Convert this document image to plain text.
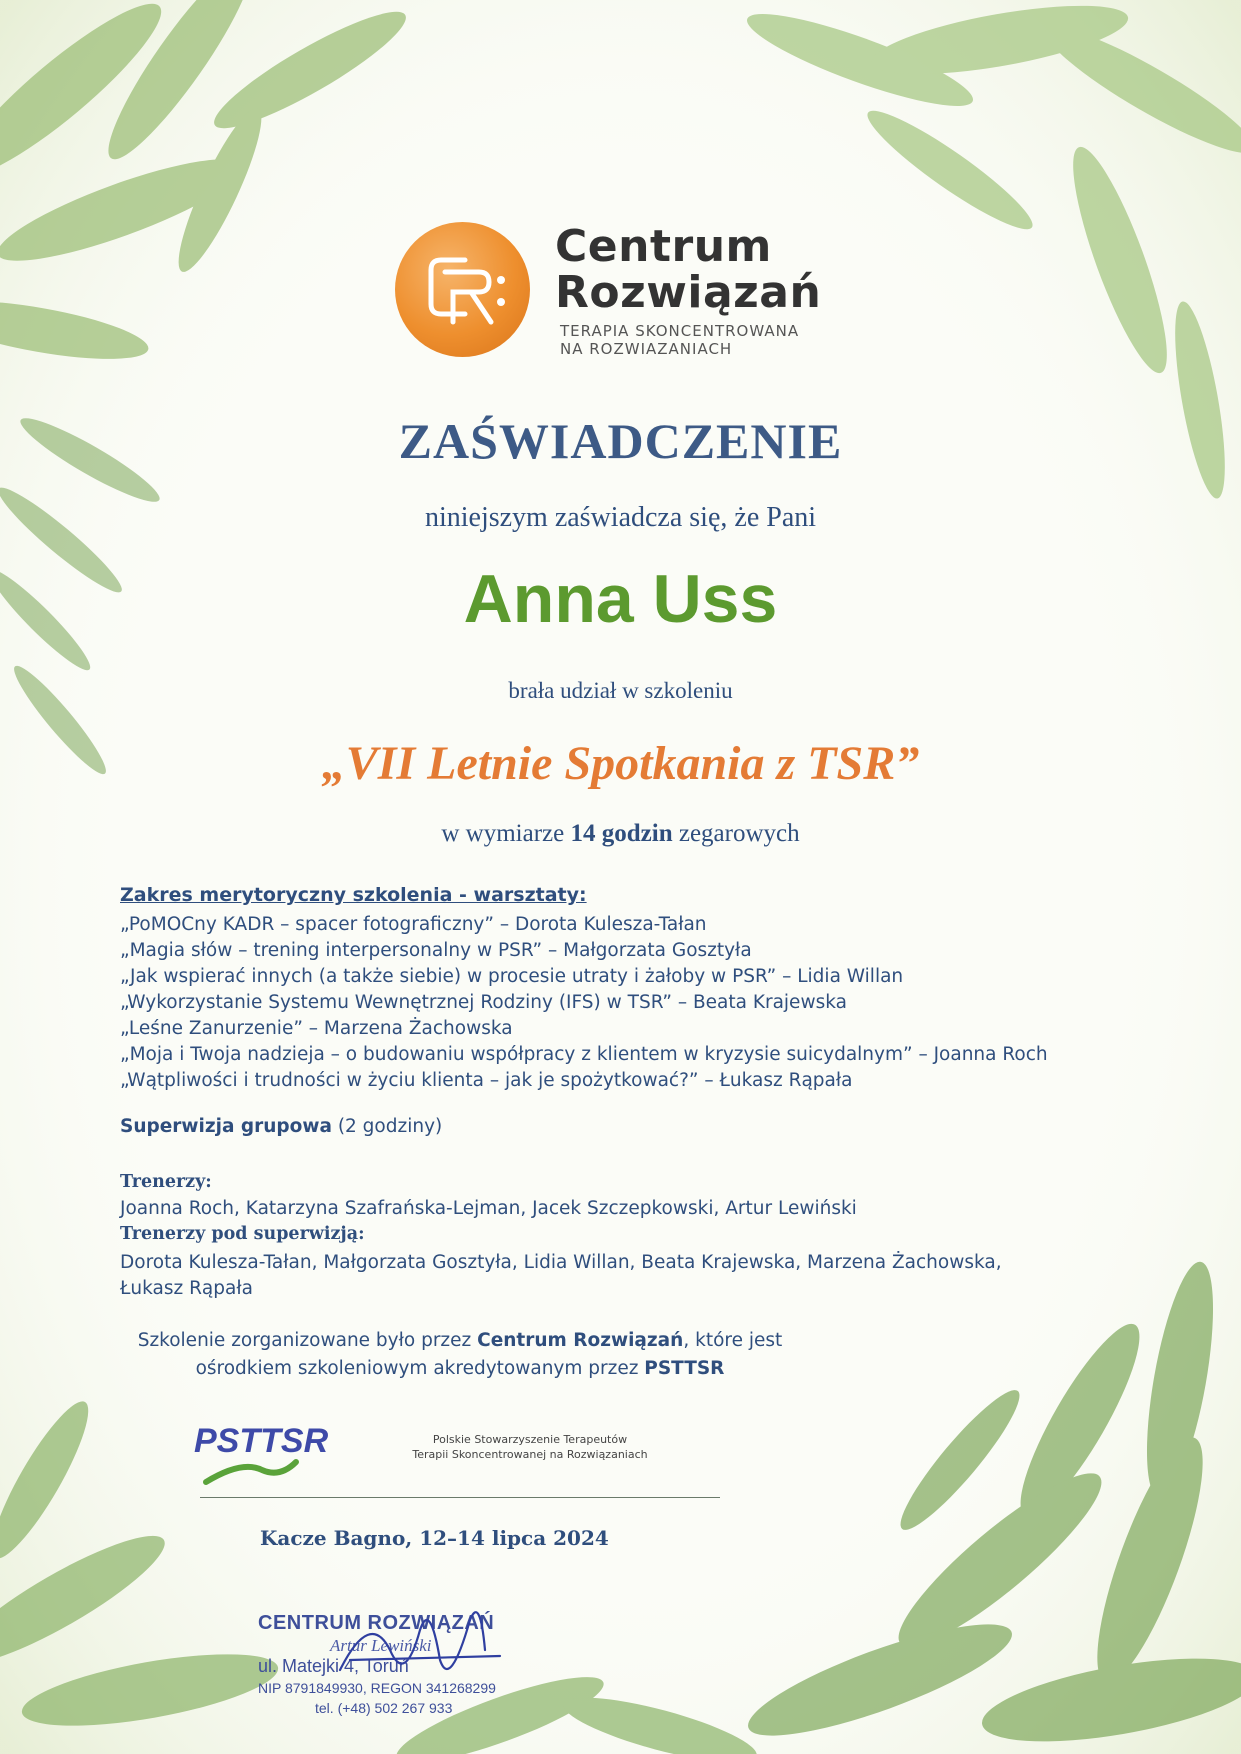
Centrum
Rozwiązań
TERAPIA SKONCENTROWANA
NA ROZWIAZANIACH
ZAŚWIADCZENIE
niniejszym zaświadcza się, że Pani
Anna Uss
brała udział w szkoleniu
„VII Letnie Spotkania z TSR”
w wymiarze 14 godzin zegarowych
Zakres merytoryczny szkolenia - warsztaty:
„PoMOCny KADR – spacer fotograficzny” – Dorota Kulesza-Tałan
„Magia słów – trening interpersonalny w PSR” – Małgorzata Gosztyła
„Jak wspierać innych (a także siebie) w procesie utraty i żałoby w PSR” – Lidia Willan
„Wykorzystanie Systemu Wewnętrznej Rodziny (IFS) w TSR” – Beata Krajewska
„Leśne Zanurzenie” – Marzena Żachowska
„Moja i Twoja nadzieja – o budowaniu współpracy z klientem w kryzysie suicydalnym” – Joanna Roch
„Wątpliwości i trudności w życiu klienta – jak je spożytkować?” – Łukasz Rąpała
Superwizja grupowa (2 godziny)
Trenerzy:
Joanna Roch, Katarzyna Szafrańska-Lejman, Jacek Szczepkowski, Artur Lewiński
Trenerzy pod superwizją:
Dorota Kulesza-Tałan, Małgorzata Gosztyła, Lidia Willan, Beata Krajewska, Marzena Żachowska,
Łukasz Rąpała
Szkolenie zorganizowane było przez Centrum Rozwiązań, które jest
ośrodkiem szkoleniowym akredytowanym przez PSTTSR
PSTTSR	Polskie Stowarzyszenie Terapeutów
Terapii Skoncentrowanej na Rozwiązaniach
Kacze Bagno, 12–14 lipca 2024
CENTRUM ROZWIĄZAŃ
Artur Lewiński
ul. Matejki 4, Toruń
NIP 8791849930, REGON 341268299
tel. (+48) 502 267 933
